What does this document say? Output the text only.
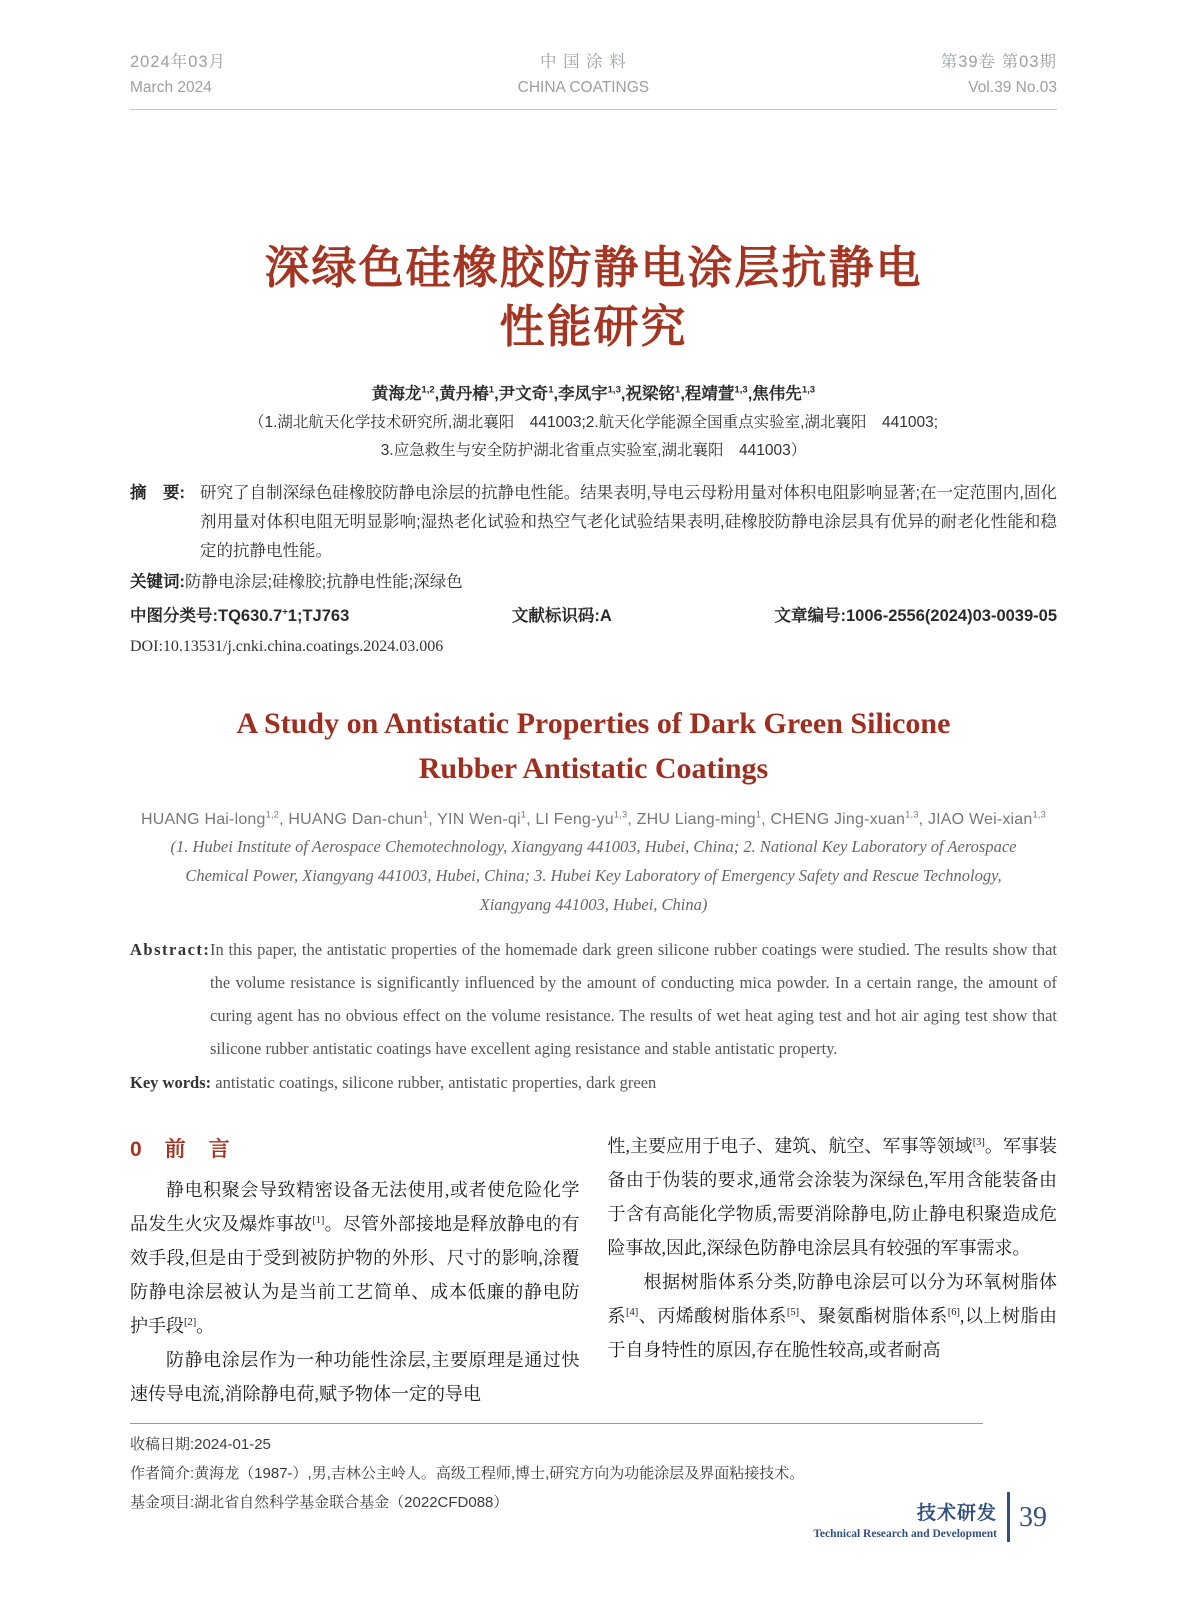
2024年03月
March 2024
中 国 涂 料
CHINA COATINGS
第39卷 第03期
Vol.39 No.03
深绿色硅橡胶防静电涂层抗静电
性能研究
黄海龙$^{1,2}$,黄丹椿$^1$,尹文奇$^1$,李凤宇$^{1,3}$,祝梁铭$^1$,程靖萱$^{1,3}$,焦伟先$^{1,3}$
（1.湖北航天化学技术研究所,湖北襄阳　441003;2.航天化学能源全国重点实验室,湖北襄阳　441003;
3.应急救生与安全防护湖北省重点实验室,湖北襄阳　441003）
摘　要: 研究了自制深绿色硅橡胶防静电涂层的抗静电性能。结果表明,导电云母粉用量对体积电阻影响显著;在一定范围内,固化剂用量对体积电阻无明显影响;湿热老化试验和热空气老化试验结果表明,硅橡胶防静电涂层具有优异的耐老化性能和稳定的抗静电性能。
关键词:防静电涂层;硅橡胶;抗静电性能;深绿色
中图分类号:TQ630.7+1;TJ763	文献标识码:A	文章编号:1006-2556(2024)03-0039-05
DOI:10.13531/j.cnki.china.coatings.2024.03.006
A Study on Antistatic Properties of Dark Green Silicone
Rubber Antistatic Coatings
HUANG Hai-long$^{1,2}$, HUANG Dan-chun$^1$, YIN Wen-$qi^1$, LI Feng-yu$^{1,3}$, ZHU Liang-ming$^1$, CHENG Jing-xuan$^{1,3}$, JIAO Wei-xian$^{1,3}$
(1. Hubei Institute of Aerospace Chemotechnology, Xiangyang 441003, Hubei, China; 2. National Key Laboratory of Aerospace
Chemical Power, Xiangyang 441003, Hubei, China; 3. Hubei Key Laboratory of Emergency Safety and Rescue Technology,
Xiangyang 441003, Hubei, China)
Abstract:In this paper, the antistatic properties of the homemade dark green silicone rubber coatings were studied. The results show that the volume resistance is significantly influenced by the amount of conducting mica powder. In a certain range, the amount of curing agent has no obvious effect on the volume resistance. The results of wet heat aging test and hot air aging test show that silicone rubber antistatic coatings have excellent aging resistance and stable antistatic property.
Key words: antistatic coatings, silicone rubber, antistatic properties, dark green
0　前　言

静电积聚会导致精密设备无法使用,或者使危险化学品发生火灾及爆炸事故[1]。尽管外部接地是释放静电的有效手段,但是由于受到被防护物的外形、尺寸的影响,涂覆防静电涂层被认为是当前工艺简单、成本低廉的静电防护手段[2]。

防静电涂层作为一种功能性涂层,主要原理是通过快速传导电流,消除静电荷,赋予物体一定的导电

性,主要应用于电子、建筑、航空、军事等领域[3]。军事装备由于伪装的要求,通常会涂装为深绿色,军用含能装备由于含有高能化学物质,需要消除静电,防止静电积聚造成危险事故,因此,深绿色防静电涂层具有较强的军事需求。

根据树脂体系分类,防静电涂层可以分为环氧树脂体系[4]、丙烯酸树脂体系[5]、聚氨酯树脂体系[6],以上树脂由于自身特性的原因,存在脆性较高,或者耐高

收稿日期:2024-01-25
作者简介:黄海龙（1987-）,男,吉林公主岭人。高级工程师,博士,研究方向为功能涂层及界面粘接技术。
基金项目:湖北省自然科学基金联合基金（2022CFD088）
技术研发
Technical Research and Development
39
